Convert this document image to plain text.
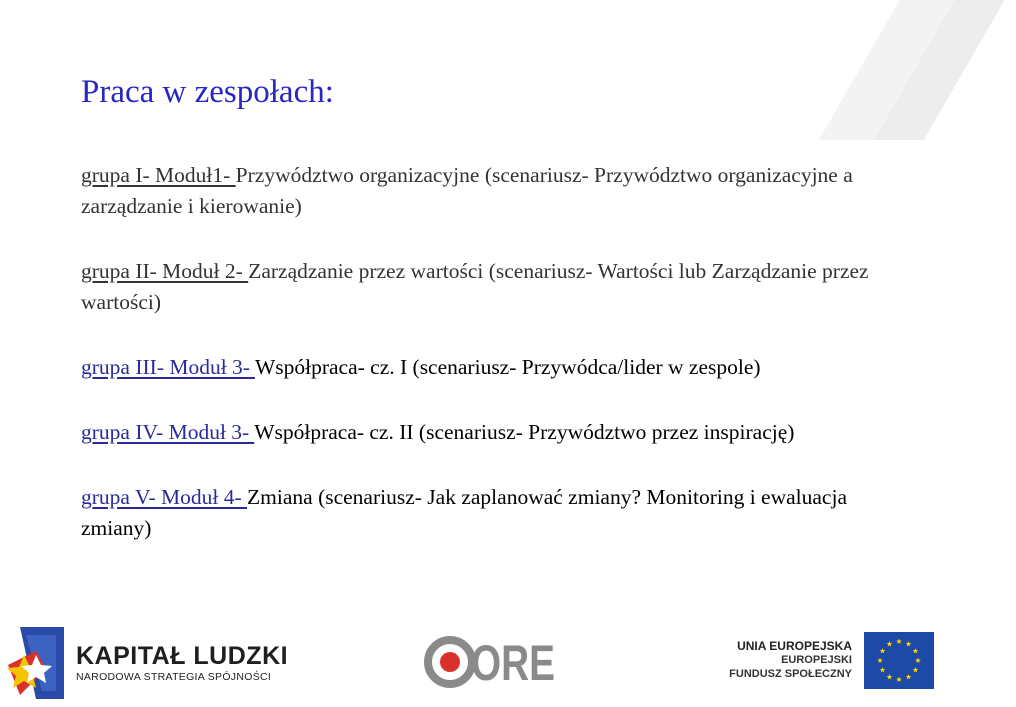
Praca w zespołach:

grupa I- Moduł1- Przywództwo organizacyjne (scenariusz- Przywództwo organizacyjne a zarządzanie i kierowanie)

grupa II- Moduł 2- Zarządzanie przez wartości (scenariusz- Wartości lub Zarządzanie przez wartości)

grupa III- Moduł 3- Współpraca- cz. I (scenariusz- Przywódca/lider w zespole)

grupa IV- Moduł 3- Współpraca- cz. II (scenariusz- Przywództwo przez inspirację)

grupa V- Moduł 4- Zmiana (scenariusz- Jak zaplanować zmiany? Monitoring i ewaluacja zmiany)

KAPITAŁ LUDZKI
NARODOWA STRATEGIA SPÓJNOŚCI	ORE	UNIA EUROPEJSKA
EUROPEJSKI
FUNDUSZ SPOŁECZNY
